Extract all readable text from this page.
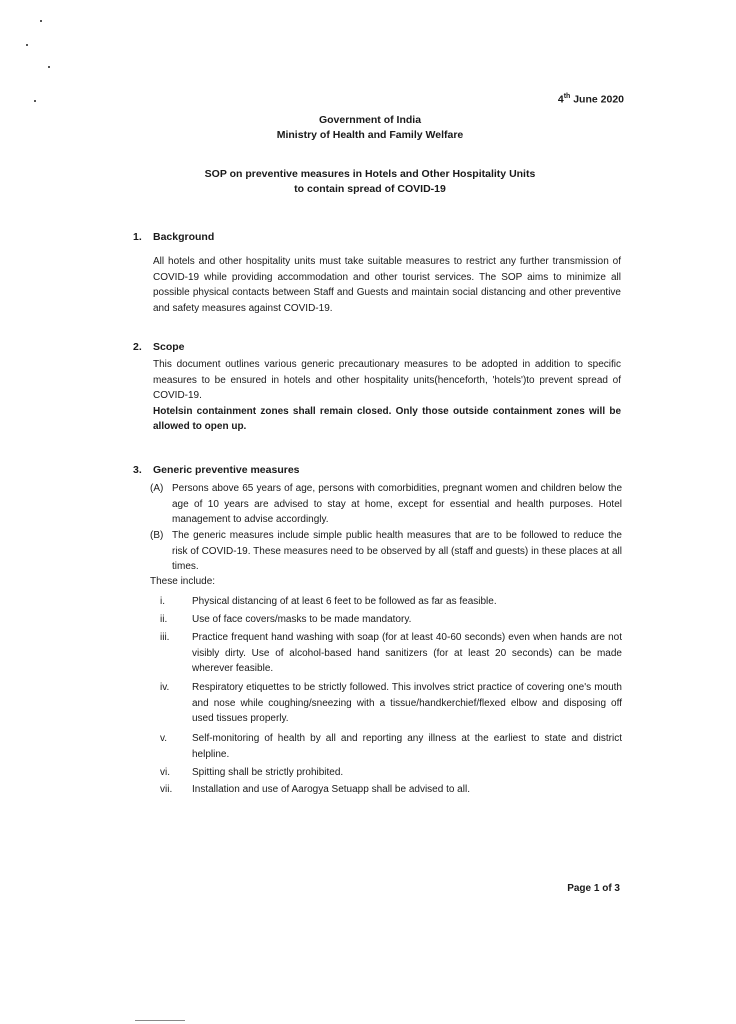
4th June 2020
Government of India
Ministry of Health and Family Welfare
SOP on preventive measures in Hotels and Other Hospitality Units
to contain spread of COVID-19
1. Background
All hotels and other hospitality units must take suitable measures to restrict any further transmission of COVID-19 while providing accommodation and other tourist services. The SOP aims to minimize all possible physical contacts between Staff and Guests and maintain social distancing and other preventive and safety measures against COVID-19.
2. Scope
This document outlines various generic precautionary measures to be adopted in addition to specific measures to be ensured in hotels and other hospitality units(henceforth, 'hotels')to prevent spread of COVID-19.
Hotelsin containment zones shall remain closed. Only those outside containment zones will be allowed to open up.
3. Generic preventive measures
(A) Persons above 65 years of age, persons with comorbidities, pregnant women and children below the age of 10 years are advised to stay at home, except for essential and health purposes. Hotel management to advise accordingly.
(B) The generic measures include simple public health measures that are to be followed to reduce the risk of COVID-19. These measures need to be observed by all (staff and guests) in these places at all times.
These include:
i.	Physical distancing of at least 6 feet to be followed as far as feasible.
ii.	Use of face covers/masks to be made mandatory.
iii.	Practice frequent hand washing with soap (for at least 40-60 seconds) even when hands are not visibly dirty. Use of alcohol-based hand sanitizers (for at least 20 seconds) can be made wherever feasible.
iv.	Respiratory etiquettes to be strictly followed. This involves strict practice of covering one's mouth and nose while coughing/sneezing with a tissue/handkerchief/flexed elbow and disposing off used tissues properly.
v.	Self-monitoring of health by all and reporting any illness at the earliest to state and district helpline.
vi.	Spitting shall be strictly prohibited.
vii.	Installation and use of Aarogya Setuapp shall be advised to all.
Page 1 of 3
